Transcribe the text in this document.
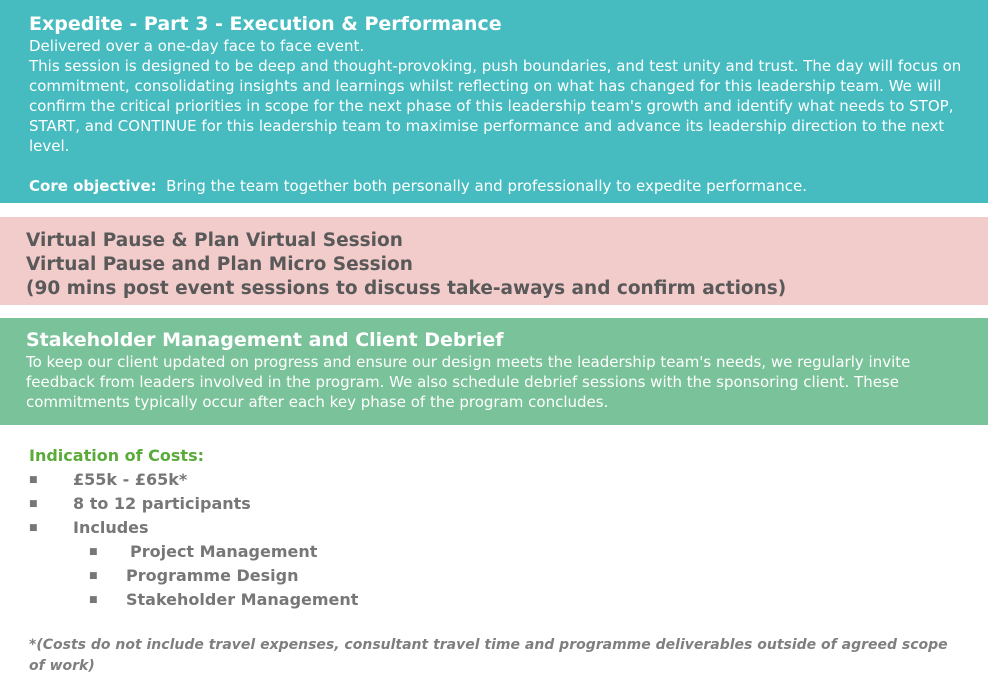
Expedite - Part 3 - Execution & Performance

Delivered over a one-day face to face event.

This session is designed to be deep and thought-provoking, push boundaries, and test unity and trust. The day will focus on commitment, consolidating insights and learnings whilst reflecting on what has changed for this leadership team. We will confirm the critical priorities in scope for the next phase of this leadership team's growth and identify what needs to STOP, START, and CONTINUE for this leadership team to maximise performance and advance its leadership direction to the next level.

Core objective: Bring the team together both personally and professionally to expedite performance.

Virtual Pause & Plan Virtual Session

Virtual Pause and Plan Micro Session

(90 mins post event sessions to discuss take-aways and confirm actions)

Stakeholder Management and Client Debrief

To keep our client updated on progress and ensure our design meets the leadership team's needs, we regularly invite feedback from leaders involved in the program. We also schedule debrief sessions with the sponsoring client. These commitments typically occur after each key phase of the program concludes.

Indication of Costs:
■ £55k - £65k*
■ 8 to 12 participants
■ Includes
■ Project Management
■ Programme Design
■ Stakeholder Management
*(Costs do not include travel expenses, consultant travel time and programme deliverables outside of agreed scope of work)
